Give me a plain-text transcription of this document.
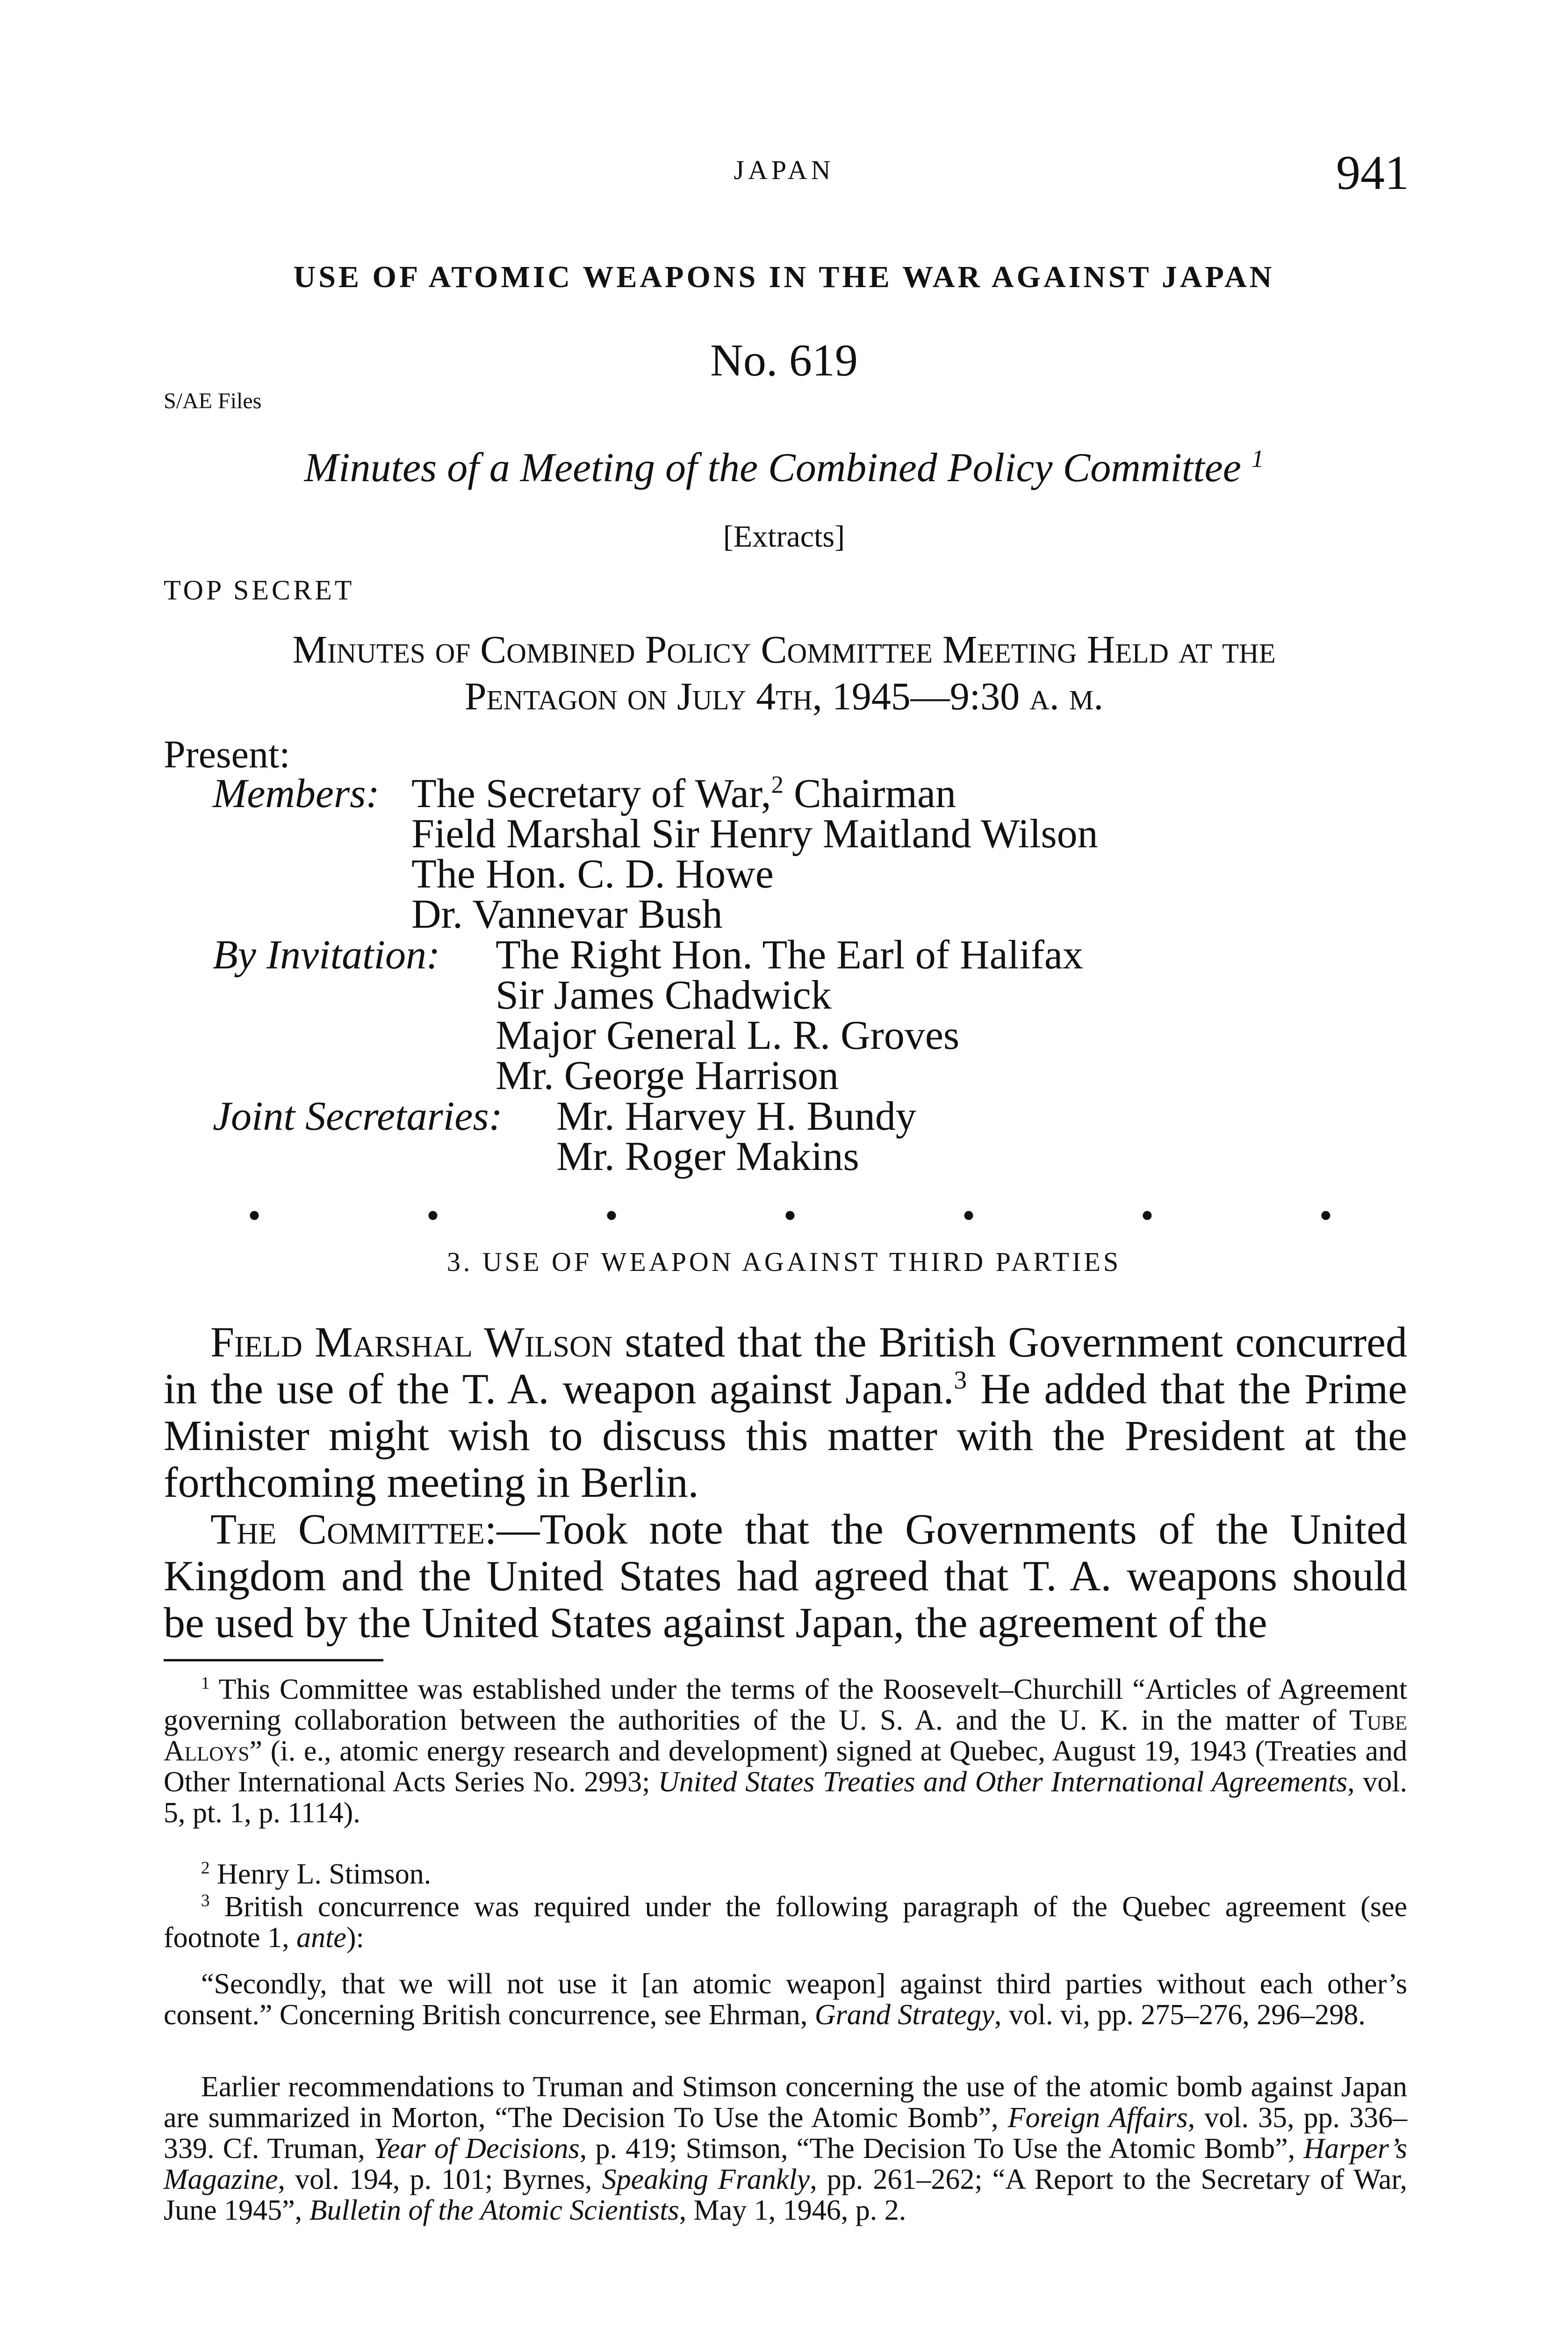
JAPAN	941
USE OF ATOMIC WEAPONS IN THE WAR AGAINST JAPAN
No. 619
S/AE Files
Minutes of a Meeting of the Combined Policy Committee $^1$
[Extracts]
TOP SECRET
Minutes of Combined Policy Committee Meeting Held at the
Pentagon on July 4th, 1945—9:30 a. m.
Present:
Members: The Secretary of War,$^2$ Chairman
Field Marshal Sir Henry Maitland Wilson
The Hon. C. D. Howe
Dr. Vannevar Bush
By Invitation: The Right Hon. The Earl of Halifax
Sir James Chadwick
Major General L. R. Groves
Mr. George Harrison
Joint Secretaries: Mr. Harvey H. Bundy
Mr. Roger Makins
•	•	•	•	•	•	•
3. USE OF WEAPON AGAINST THIRD PARTIES
Field Marshal Wilson stated that the British Government concurred in the use of the T. A. weapon against Japan.$^3$ He added that the Prime Minister might wish to discuss this matter with the President at the forthcoming meeting in Berlin.
The Committee:—Took note that the Governments of the United Kingdom and the United States had agreed that T. A. weapons should be used by the United States against Japan, the agreement of the
$^1$ This Committee was established under the terms of the Roosevelt–Churchill “Articles of Agreement governing collaboration between the authorities of the U. S. A. and the U. K. in the matter of Tube Alloys” (i. e., atomic energy research and development) signed at Quebec, August 19, 1943 (Treaties and Other International Acts Series No. 2993; United States Treaties and Other International Agreements, vol. 5, pt. 1, p. 1114).
$^2$ Henry L. Stimson.
$^3$ British concurrence was required under the following paragraph of the Quebec agreement (see footnote 1, ante):
“Secondly, that we will not use it [an atomic weapon] against third parties without each other’s consent.” Concerning British concurrence, see Ehrman, Grand Strategy, vol. vi, pp. 275–276, 296–298.
Earlier recommendations to Truman and Stimson concerning the use of the atomic bomb against Japan are summarized in Morton, “The Decision To Use the Atomic Bomb”, Foreign Affairs, vol. 35, pp. 336–339. Cf. Truman, Year of Decisions, p. 419; Stimson, “The Decision To Use the Atomic Bomb”, Harper’s Magazine, vol. 194, p. 101; Byrnes, Speaking Frankly, pp. 261–262; “A Report to the Secretary of War, June 1945”, Bulletin of the Atomic Scientists, May 1, 1946, p. 2.
